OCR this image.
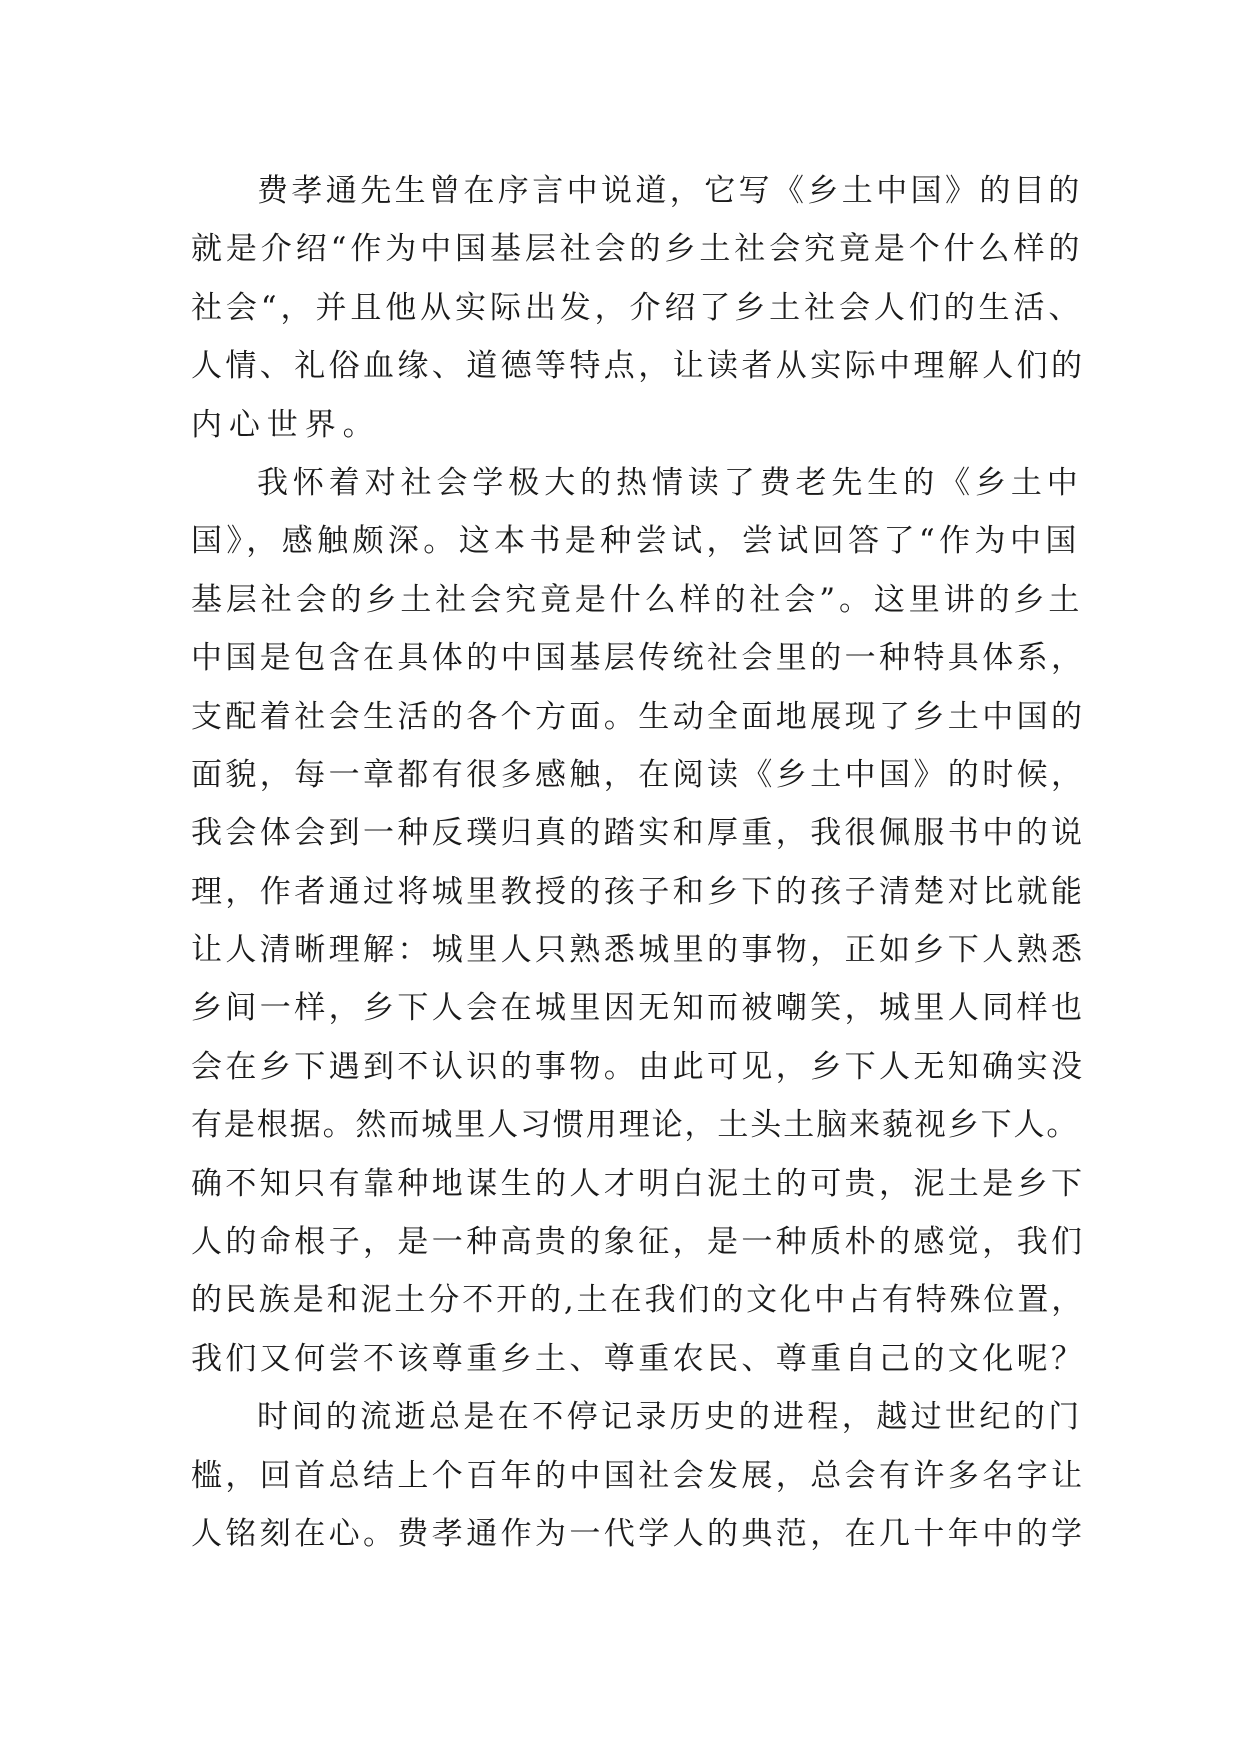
费孝通先生曾在序言中说道，它写《乡土中国》的目的
就是介绍“作为中国基层社会的乡土社会究竟是个什么样的
社会“，并且他从实际出发，介绍了乡土社会人们的生活、
人情、礼俗血缘、道德等特点，让读者从实际中理解人们的
内心世界。
我怀着对社会学极大的热情读了费老先生的《乡土中
国》，感触颇深。这本书是种尝试，尝试回答了“作为中国
基层社会的乡土社会究竟是什么样的社会”。这里讲的乡土
中国是包含在具体的中国基层传统社会里的一种特具体系，
支配着社会生活的各个方面。生动全面地展现了乡土中国的
面貌，每一章都有很多感触，在阅读《乡土中国》的时候，
我会体会到一种反璞归真的踏实和厚重，我很佩服书中的说
理，作者通过将城里教授的孩子和乡下的孩子清楚对比就能
让人清晰理解：城里人只熟悉城里的事物，正如乡下人熟悉
乡间一样，乡下人会在城里因无知而被嘲笑，城里人同样也
会在乡下遇到不认识的事物。由此可见，乡下人无知确实没
有是根据。然而城里人习惯用理论，土头土脑来藐视乡下人。
确不知只有靠种地谋生的人才明白泥土的可贵，泥土是乡下
人的命根子，是一种高贵的象征，是一种质朴的感觉，我们
的民族是和泥土分不开的,土在我们的文化中占有特殊位置，
我们又何尝不该尊重乡土、尊重农民、尊重自己的文化呢？
时间的流逝总是在不停记录历史的进程，越过世纪的门
槛，回首总结上个百年的中国社会发展，总会有许多名字让
人铭刻在心。费孝通作为一代学人的典范，在几十年中的学
